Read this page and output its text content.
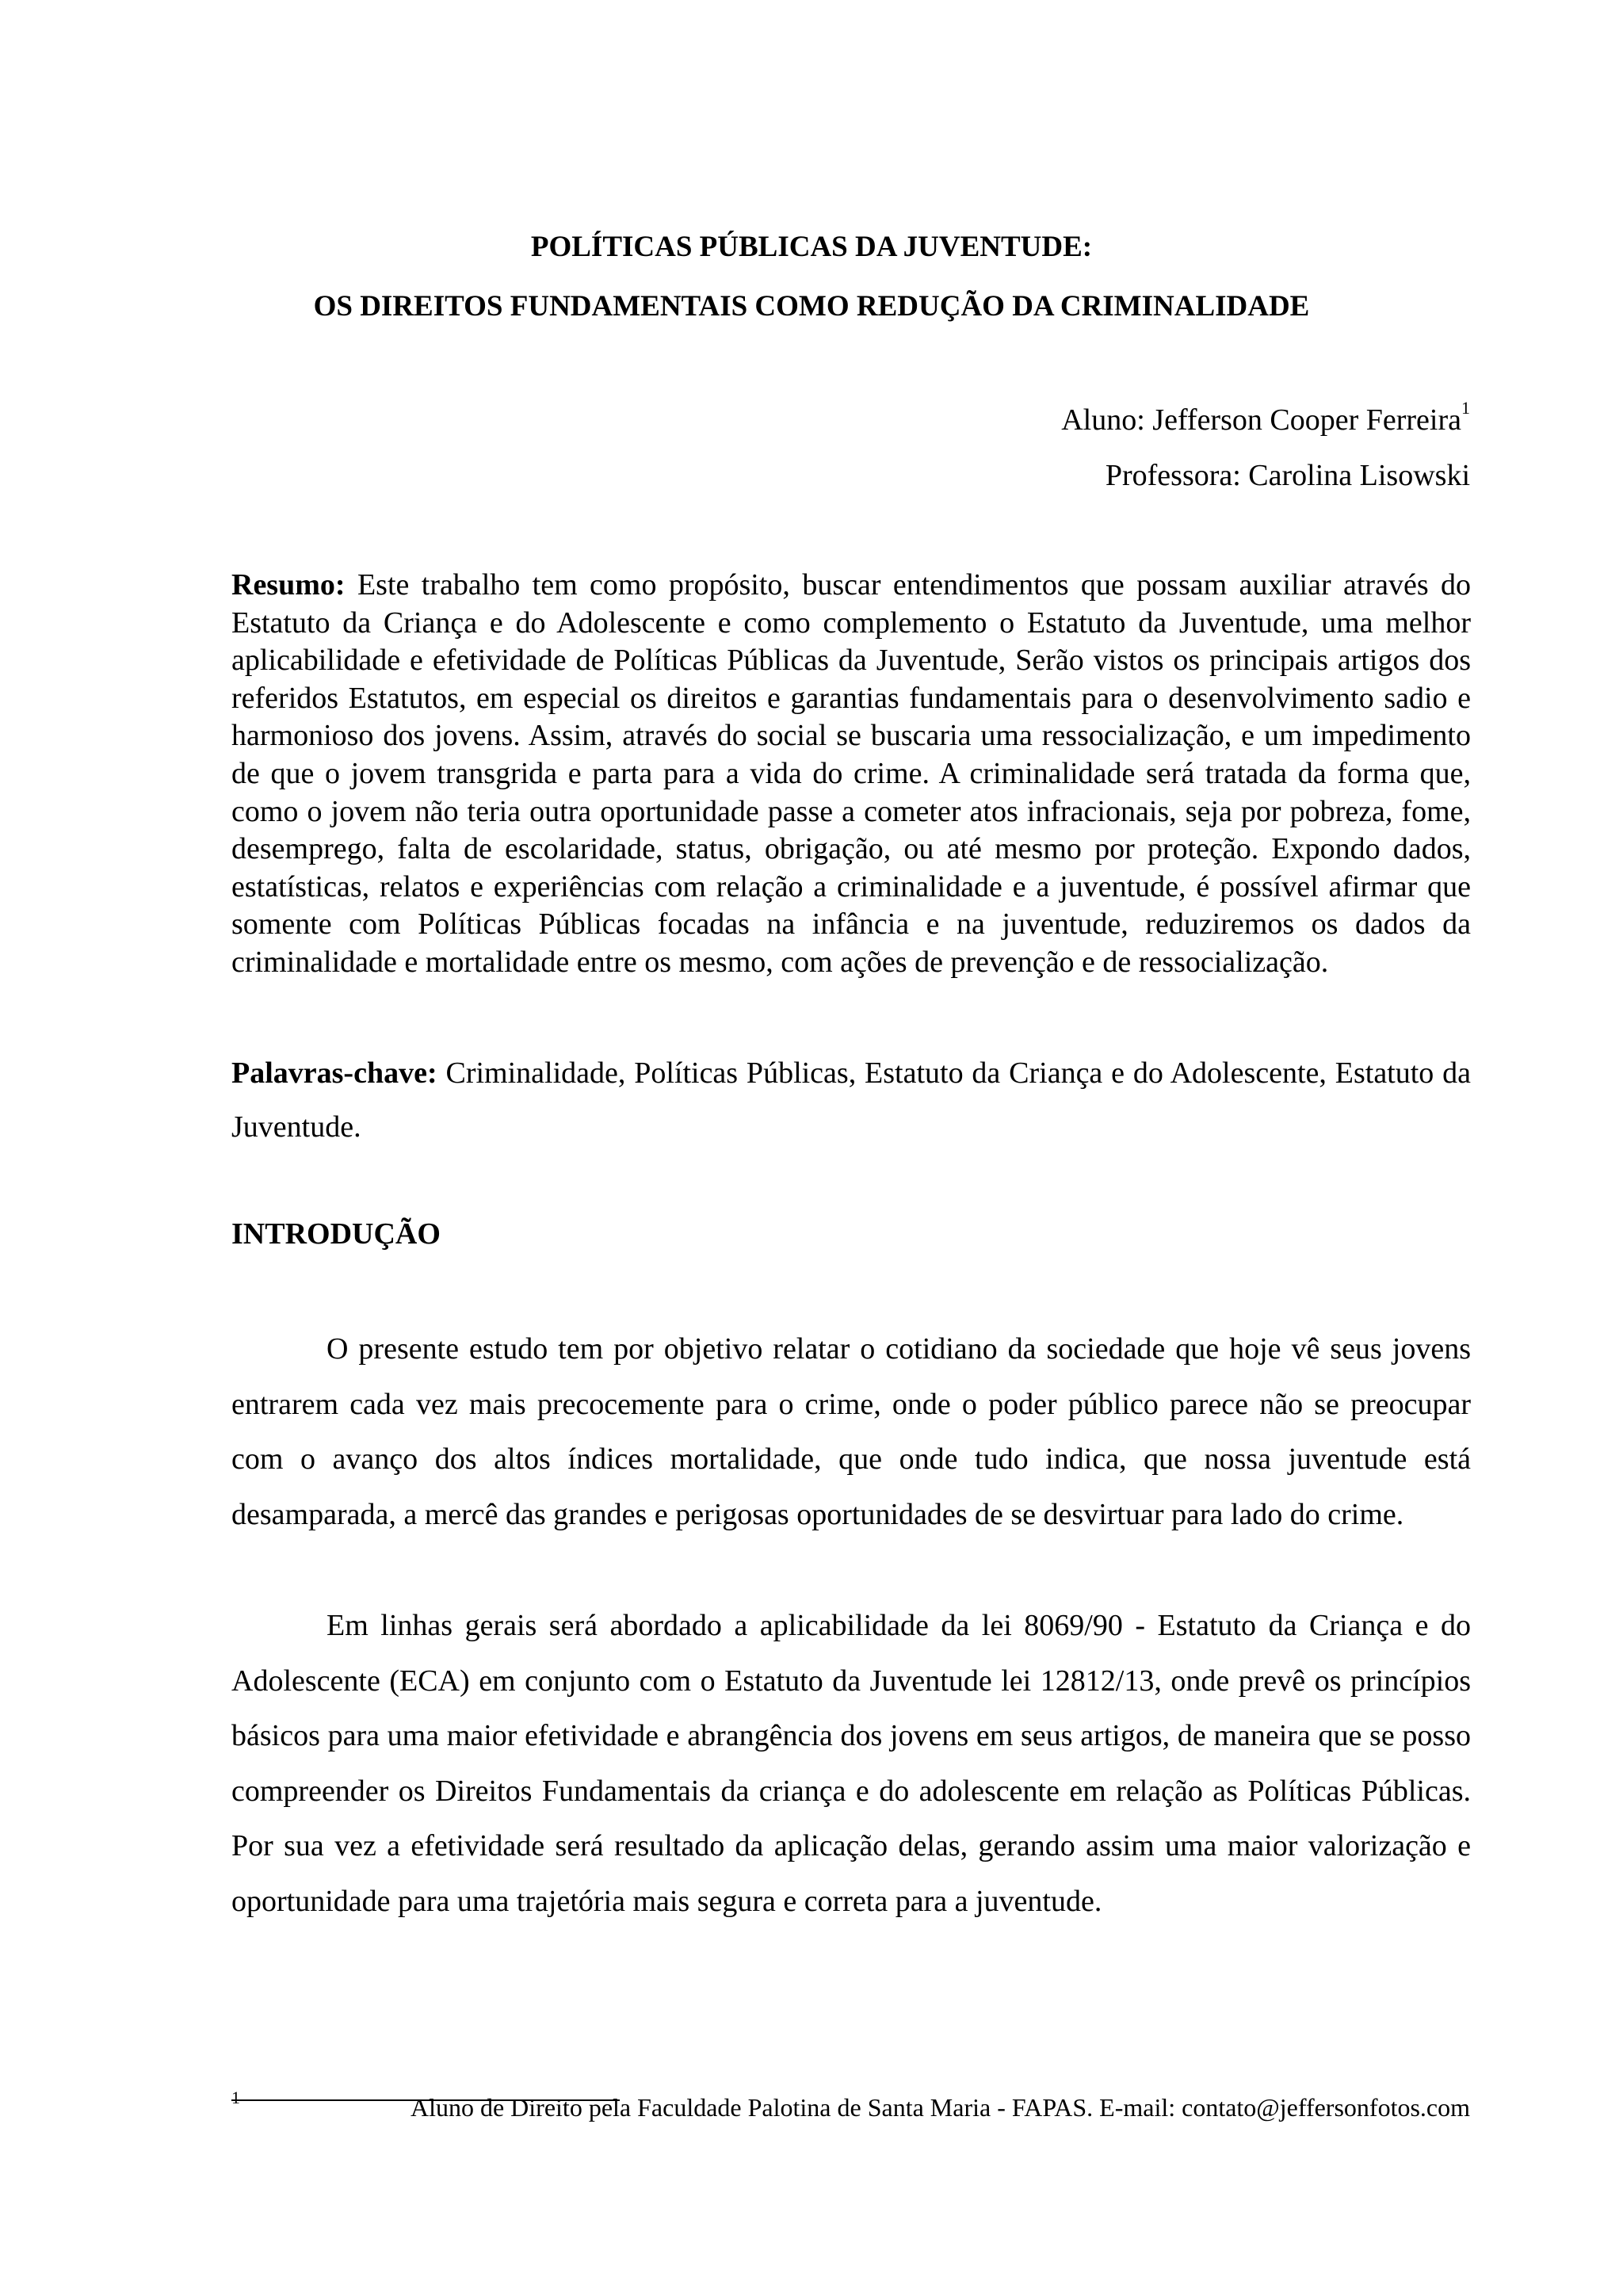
POLÍTICAS PÚBLICAS DA JUVENTUDE:
OS DIREITOS FUNDAMENTAIS COMO REDUÇÃO DA CRIMINALIDADE
Aluno: Jefferson Cooper Ferreira$^1$
Professora: Carolina Lisowski

Resumo: Este trabalho tem como propósito, buscar entendimentos que possam auxiliar através do Estatuto da Criança e do Adolescente e como complemento o Estatuto da Juventude, uma melhor aplicabilidade e efetividade de Políticas Públicas da Juventude, Serão vistos os principais artigos dos referidos Estatutos, em especial os direitos e garantias fundamentais para o desenvolvimento sadio e harmonioso dos jovens. Assim, através do social se buscaria uma ressocialização, e um impedimento de que o jovem transgrida e parta para a vida do crime. A criminalidade será tratada da forma que, como o jovem não teria outra oportunidade passe a cometer atos infracionais, seja por pobreza, fome, desemprego, falta de escolaridade, status, obrigação, ou até mesmo por proteção. Expondo dados, estatísticas, relatos e experiências com relação a criminalidade e a juventude, é possível afirmar que somente com Políticas Públicas focadas na infância e na juventude, reduziremos os dados da criminalidade e mortalidade entre os mesmo, com ações de prevenção e de ressocialização.

Palavras-chave: Criminalidade, Políticas Públicas, Estatuto da Criança e do Adolescente, Estatuto da Juventude.

INTRODUÇÃO

O presente estudo tem por objetivo relatar o cotidiano da sociedade que hoje vê seus jovens entrarem cada vez mais precocemente para o crime, onde o poder público parece não se preocupar com o avanço dos altos índices mortalidade, que onde tudo indica, que nossa juventude está desamparada, a mercê das grandes e perigosas oportunidades de se desvirtuar para lado do crime.

Em linhas gerais será abordado a aplicabilidade da lei 8069/90 - Estatuto da Criança e do Adolescente (ECA) em conjunto com o Estatuto da Juventude lei 12812/13, onde prevê os princípios básicos para uma maior efetividade e abrangência dos jovens em seus artigos, de maneira que se posso compreender os Direitos Fundamentais da criança e do adolescente em relação as Políticas Públicas. Por sua vez a efetividade será resultado da aplicação delas, gerando assim uma maior valorização e oportunidade para uma trajetória mais segura e correta para a juventude.

1	Aluno de Direito pela Faculdade Palotina de Santa Maria - FAPAS. E-mail: contato@jeffersonfotos.com
